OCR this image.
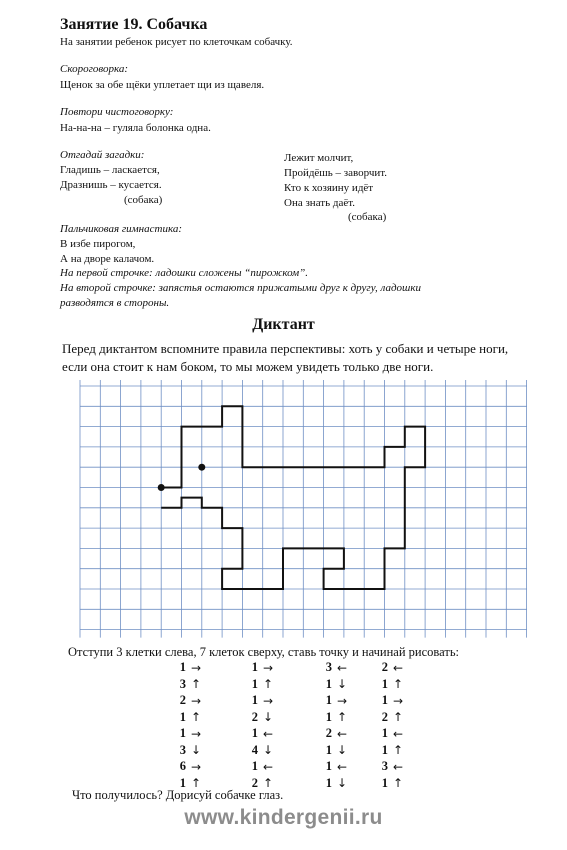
Занятие 19. Собачка
На занятии ребенок рисует по клеточкам собачку.
Скороговорка:
Щенок за обе щёки уплетает щи из щавеля.
Повтори чистоговорку:
На-на-на – гуляла болонка одна.
Отгадай загадки:
Гладишь – ласкается,
Дразнишь – кусается.
(собака)
Лежит молчит,
Пройдёшь – заворчит.
Кто к хозяину идёт
Она знать даёт.
(собака)
Пальчиковая гимнастика:
В избе пирогом,
А на дворе калачом.
На первой строчке: ладошки сложены “пирожком”.
На второй строчке: запястья остаются прижатыми друг к другу, ладошки
разводятся в стороны.
Диктант
Перед диктантом вспомните правила перспективы: хоть у собаки и четыре ноги, если она стоит к нам боком, то мы можем увидеть только две ноги.
Отступи 3 клетки слева, 7 клеток сверху, ставь точку и начинай рисовать:
1 →
3 ↑
2 →
1 ↑
1 →
3 ↓
6 →
1 ↑
1 →
1 ↑
1 →
2 ↓
1 ←
4 ↓
1 ←
2 ↑
3 ←
1 ↓
1 →
1 ↑
2 ←
1 ↓
1 ←
1 ↓
2 ←
1 ↑
1 →
2 ↑
1 ←
1 ↑
3 ←
1 ↑
Что получилось? Дорисуй собачке глаз.
www.kindergenii.ru
